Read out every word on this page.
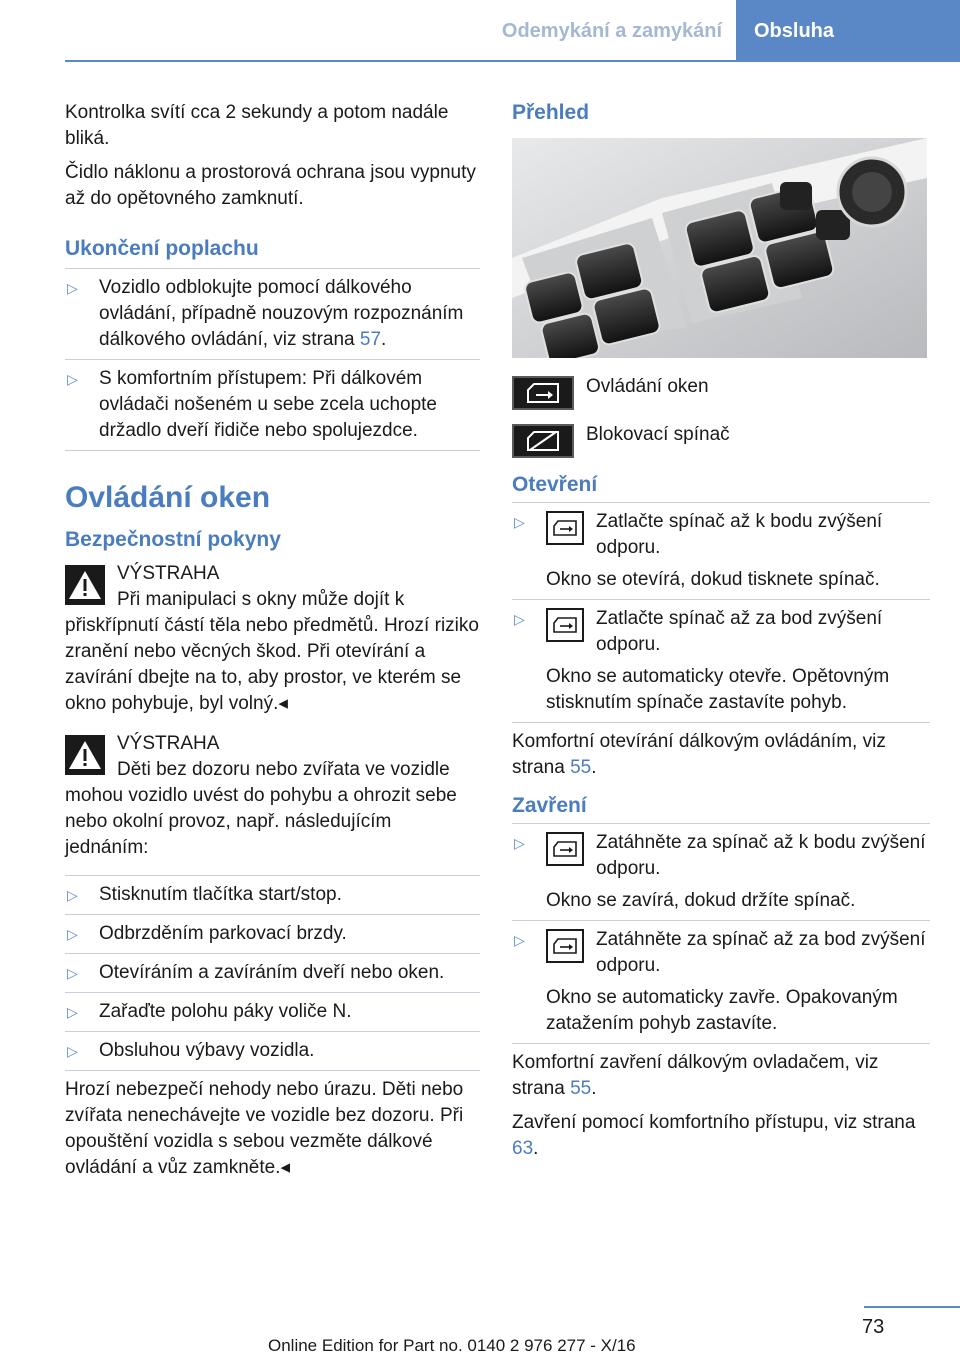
Odemykání a zamykání Obsluha

Kontrolka svítí cca 2 sekundy a potom nadále bliká.

Čidlo náklonu a prostorová ochrana jsou vypnuty až do opětovného zamknutí.

Ukončení poplachu
▷ Vozidlo odblokujte pomocí dálkového ovládání, případně nouzovým rozpoznáním dálkového ovládání, viz strana 57.
▷ S komfortním přístupem: Při dálkovém ovládači nošeném u sebe zcela uchopte držadlo dveří řidiče nebo spolujezdce.
Ovládání oken
Bezpečnostní pokyny
VÝSTRAHA
Při manipulaci s okny může dojít k přiskřípnutí částí těla nebo předmětů. Hrozí riziko zranění nebo věcných škod. Při otevírání a zavírání dbejte na to, aby prostor, ve kterém se okno pohybuje, byl volný.◂
VÝSTRAHA
Děti bez dozoru nebo zvířata ve vozidle mohou vozidlo uvést do pohybu a ohrozit sebe nebo okolní provoz, např. následujícím jednáním:
▷ Stisknutím tlačítka start/stop.
▷ Odbrzděním parkovací brzdy.
▷ Otevíráním a zavíráním dveří nebo oken.
▷ Zařaďte polohu páky voliče N.
▷ Obsluhou výbavy vozidla.

Hrozí nebezpečí nehody nebo úrazu. Děti nebo zvířata nenechávejte ve vozidle bez dozoru. Při opouštění vozidla s sebou vezměte dálkové ovládání a vůz zamkněte.◂

Přehled
Ovládání oken
Blokovací spínač
Otevření
▷	Zatlačte spínač až k bodu zvýšení odporu.
Okno se otevírá, dokud tisknete spínač.
▷	Zatlačte spínač až za bod zvýšení odporu.
Okno se automaticky otevře. Opětovným stisknutím spínače zastavíte pohyb.

Komfortní otevírání dálkovým ovládáním, viz strana 55.

Zavření
▷	Zatáhněte za spínač až k bodu zvýšení odporu.
Okno se zavírá, dokud držíte spínač.
▷	Zatáhněte za spínač až za bod zvýšení odporu.
Okno se automaticky zavře. Opakovaným zatažením pohyb zastavíte.

Komfortní zavření dálkovým ovladačem, viz strana 55.

Zavření pomocí komfortního přístupu, viz strana 63.

73
Online Edition for Part no. 0140 2 976 277 - X/16
